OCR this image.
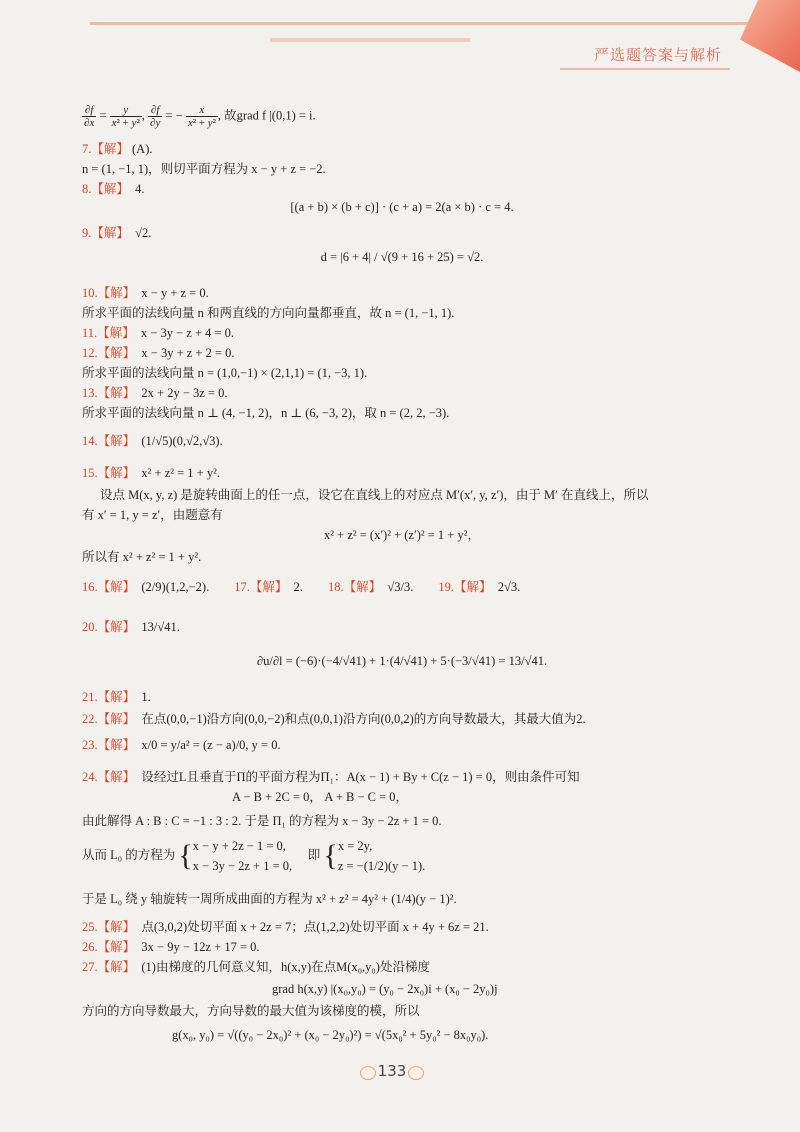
严选题答案与解析
$\frac{\partial f}{\partial x} = \frac{y}{\text{x² + y²}}$ , $\frac{\partial f}{\partial y}$ = − $\frac{x}{\text{x² + y²}}$ , 故grad f |(0,1) = i.
7.【解】 (A).
n = (1, −1, 1)，则切平面方程为 x − y + z = −2.
8.【解】 4.
[(a + b) × (b + c)] · (c + a) = 2(a × b) · c = 4.
9.【解】 √2.
d = |6 + 4| / √(9 + 16 + 25) = √2.
10.【解】 x − y + z = 0.
所求平面的法线向量 n 和两直线的方向向量都垂直，故 n = (1, −1, 1).
11.【解】 x − 3y − z + 4 = 0.
12.【解】 x − 3y + z + 2 = 0.
所求平面的法线向量 n = (1,0,−1) × (2,1,1) = (1, −3, 1).
13.【解】 2x + 2y − 3z = 0.
所求平面的法线向量 n ⊥ (4, −1, 2)，n ⊥ (6, −3, 2)，取 n = (2, 2, −3).
14.【解】 (1/√5)(0,√2,√3).
15.【解】 x² + z² = 1 + y².
设点 M(x, y, z) 是旋转曲面上的任一点，设它在直线上的对应点 M′(x′, y, z′)，由于 M′ 在直线上，所以
有 x′ = 1, y = z′，由题意有
x² + z² = (x′)² + (z′)² = 1 + y²，
所以有 x² + z² = 1 + y².
16.【解】 (2/9)(1,2,−2). 17.【解】 2. 18.【解】 √3/3. 19.【解】 2√3.
20.【解】 13/√41.
∂u/∂l = (−6)·(−4/√41) + 1·(4/√41) + 5·(−3/√41) = 13/√41.
21.【解】 1.
22.【解】 在点(0,0,−1)沿方向(0,0,−2)和点(0,0,1)沿方向(0,0,2)的方向导数最大，其最大值为2.
23.【解】 x/0 = y/a² = (z − a)/0, y = 0.
24.【解】 设经过L且垂直于Π的平面方程为Π₁：A(x − 1) + By + C(z − 1) = 0，则由条件可知
A − B + 2C = 0， A + B − C = 0，
由此解得 A : B : C = −1 : 3 : 2. 于是 Π₁ 的方程为 x − 3y − 2z + 1 = 0.
从而 L₀ 的方程为 {x − y + 2z − 1 = 0,
x − 3y − 2z + 1 = 0,     即 {x = 2y,
z = −(1/2)(y − 1).
于是 L₀ 绕 y 轴旋转一周所成曲面的方程为 x² + z² = 4y² + (1/4)(y − 1)².
25.【解】 点(3,0,2)处切平面 x + 2z = 7；点(1,2,2)处切平面 x + 4y + 6z = 21.
26.【解】 3x − 9y − 12z + 17 = 0.
27.【解】 (1)由梯度的几何意义知，h(x,y)在点M(x₀,y₀)处沿梯度
grad h(x,y) |(x₀,y₀) = (y₀ − 2x₀)i + (x₀ − 2y₀)j
方向的方向导数最大，方向导数的最大值为该梯度的模，所以
g(x₀, y₀) = √((y₀ − 2x₀)² + (x₀ − 2y₀)²) = √(5x₀² + 5y₀² − 8x₀y₀).
133
